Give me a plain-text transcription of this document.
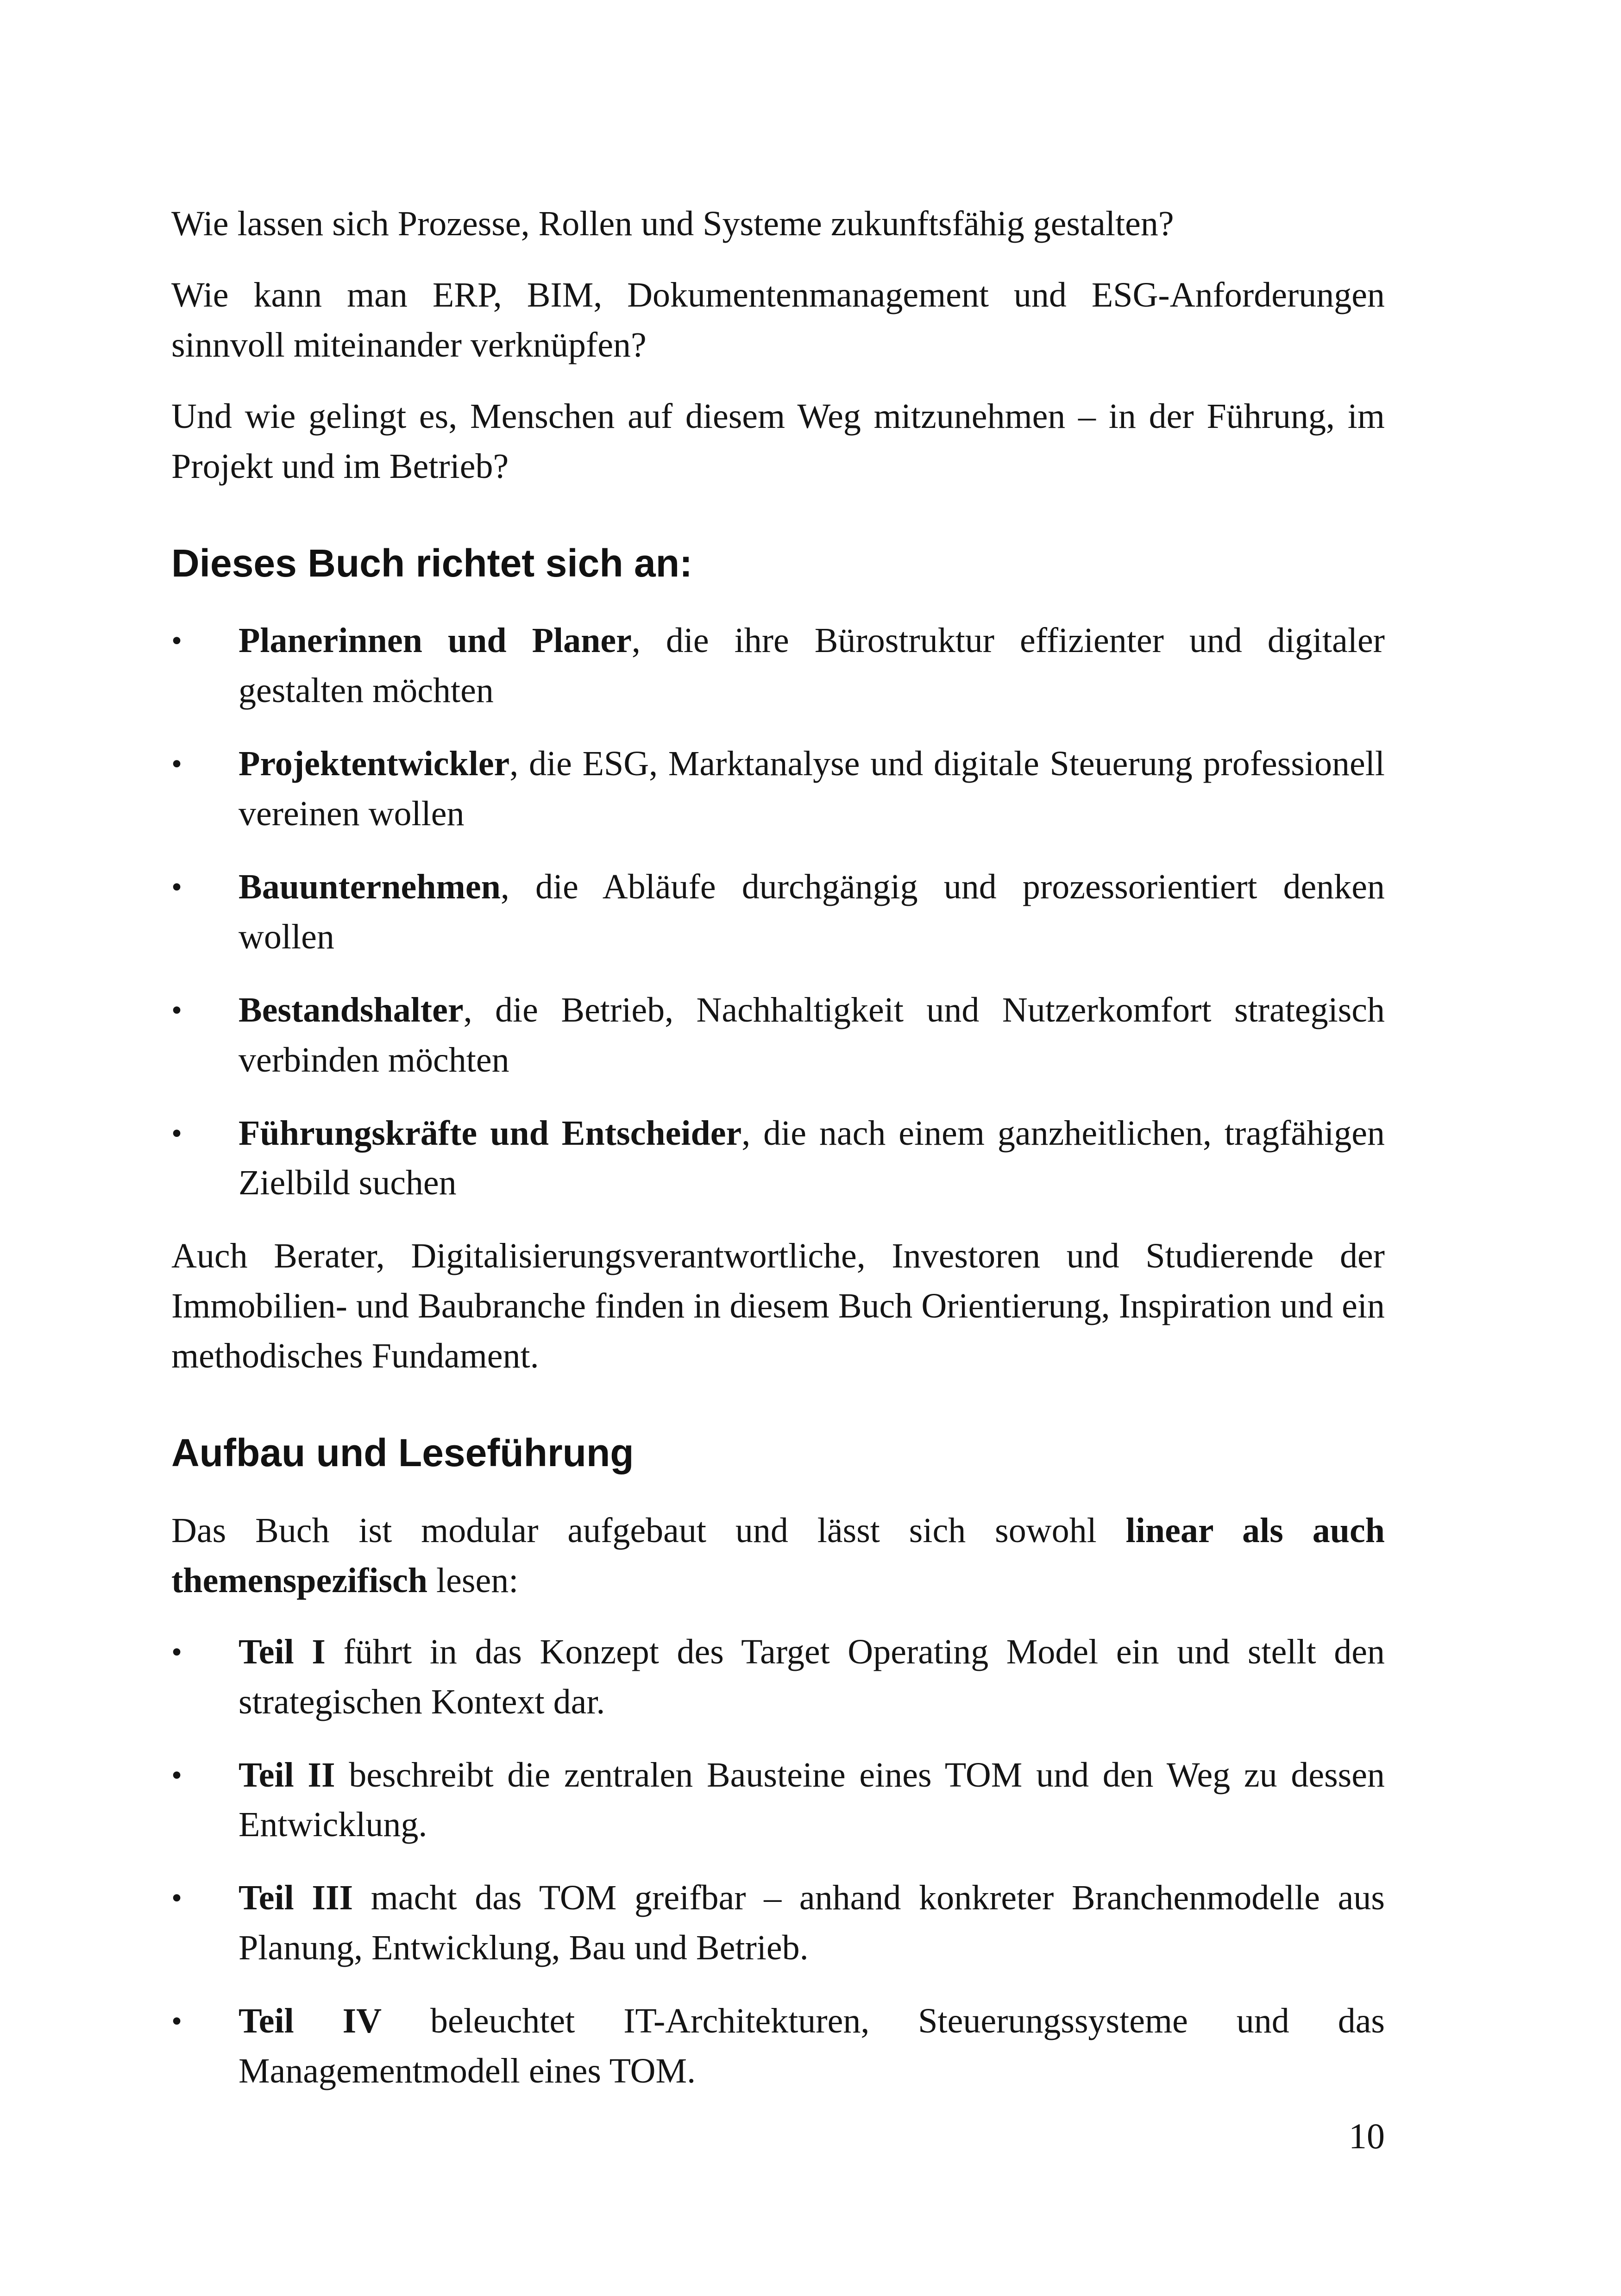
Wie lassen sich Prozesse, Rollen und Systeme zukunftsfähig gestalten?

Wie kann man ERP, BIM, Dokumentenmanagement und ESG-Anforderungen sinnvoll miteinander verknüpfen?

Und wie gelingt es, Menschen auf diesem Weg mitzunehmen – in der Führung, im Projekt und im Betrieb?

Dieses Buch richtet sich an:
•	Planerinnen und Planer, die ihre Bürostruktur effizienter und digitaler gestalten möchten
•	Projektentwickler, die ESG, Marktanalyse und digitale Steuerung professionell vereinen wollen
•	Bauunternehmen, die Abläufe durchgängig und prozessorientiert denken wollen
•	Bestandshalter, die Betrieb, Nachhaltigkeit und Nutzerkomfort strategisch verbinden möchten
•	Führungskräfte und Entscheider, die nach einem ganzheitlichen, tragfähigen Zielbild suchen

Auch Berater, Digitalisierungsverantwortliche, Investoren und Studierende der Immobilien- und Baubranche finden in diesem Buch Orientierung, Inspiration und ein methodisches Fundament.

Aufbau und Leseführung

Das Buch ist modular aufgebaut und lässt sich sowohl linear als auch themenspezifisch lesen:

•	Teil I führt in das Konzept des Target Operating Model ein und stellt den strategischen Kontext dar.
•	Teil II beschreibt die zentralen Bausteine eines TOM und den Weg zu dessen Entwicklung.
•	Teil III macht das TOM greifbar – anhand konkreter Branchenmodelle aus Planung, Entwicklung, Bau und Betrieb.
•	Teil IV beleuchtet IT-Architekturen, Steuerungssysteme und das Managementmodell eines TOM.
10
